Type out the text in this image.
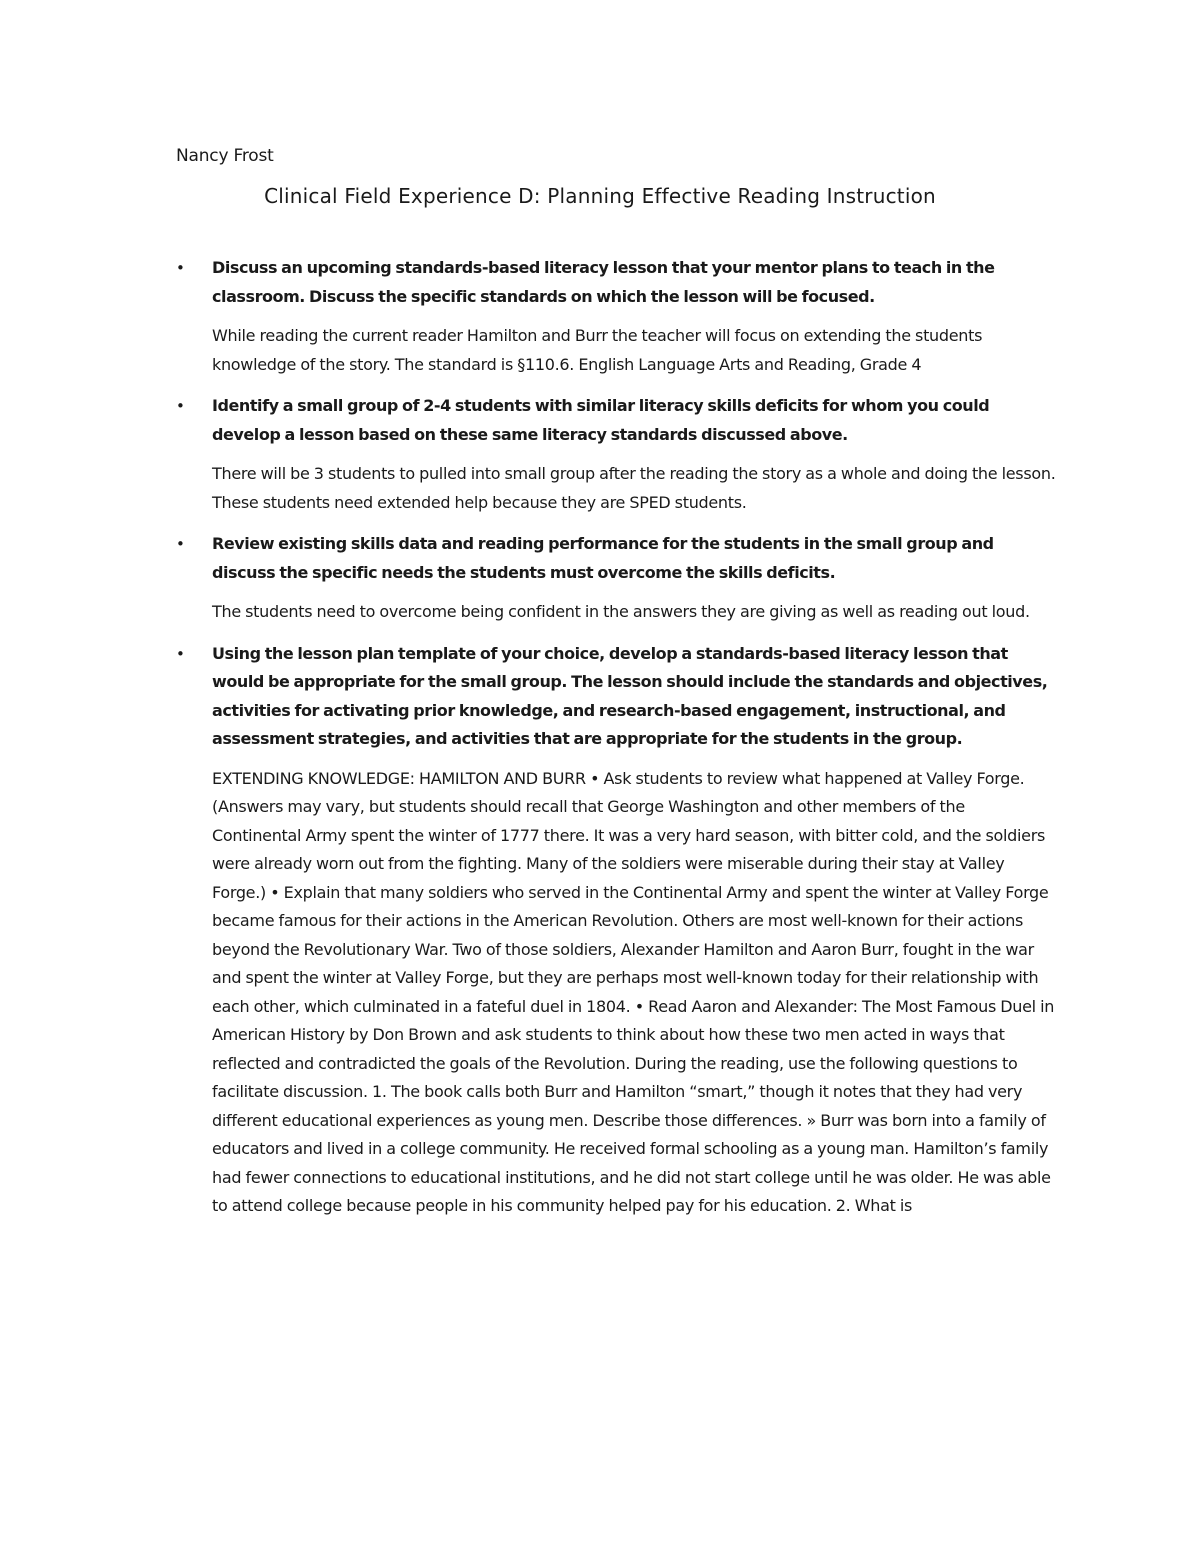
Nancy Frost
Clinical Field Experience D: Planning Effective Reading Instruction
•	Discuss an upcoming standards-based literacy lesson that your mentor plans to teach in the classroom. Discuss the specific standards on which the lesson will be focused.

While reading the current reader Hamilton and Burr the teacher will focus on extending the students knowledge of the story. The standard is §110.6. English Language Arts and Reading, Grade 4

•	Identify a small group of 2-4 students with similar literacy skills deficits for whom you could develop a lesson based on these same literacy standards discussed above.

There will be 3 students to pulled into small group after the reading the story as a whole and doing the lesson. These students need extended help because they are SPED students.

•	Review existing skills data and reading performance for the students in the small group and discuss the specific needs the students must overcome the skills deficits.

The students need to overcome being confident in the answers they are giving as well as reading out loud.

•	Using the lesson plan template of your choice, develop a standards-based literacy lesson that would be appropriate for the small group. The lesson should include the standards and objectives, activities for activating prior knowledge, and research-based engagement, instructional, and assessment strategies, and activities that are appropriate for the students in the group.

EXTENDING KNOWLEDGE: HAMILTON AND BURR • Ask students to review what happened at Valley Forge. (Answers may vary, but students should recall that George Washington and other members of the Continental Army spent the winter of 1777 there. It was a very hard season, with bitter cold, and the soldiers were already worn out from the fighting. Many of the soldiers were miserable during their stay at Valley Forge.) • Explain that many soldiers who served in the Continental Army and spent the winter at Valley Forge became famous for their actions in the American Revolution. Others are most well-known for their actions beyond the Revolutionary War. Two of those soldiers, Alexander Hamilton and Aaron Burr, fought in the war and spent the winter at Valley Forge, but they are perhaps most well-known today for their relationship with each other, which culminated in a fateful duel in 1804. • Read Aaron and Alexander: The Most Famous Duel in American History by Don Brown and ask students to think about how these two men acted in ways that reflected and contradicted the goals of the Revolution. During the reading, use the following questions to facilitate discussion. 1. The book calls both Burr and Hamilton “smart,” though it notes that they had very different educational experiences as young men. Describe those differences. » Burr was born into a family of educators and lived in a college community. He received formal schooling as a young man. Hamilton’s family had fewer connections to educational institutions, and he did not start college until he was older. He was able to attend college because people in his community helped pay for his education. 2. What is
